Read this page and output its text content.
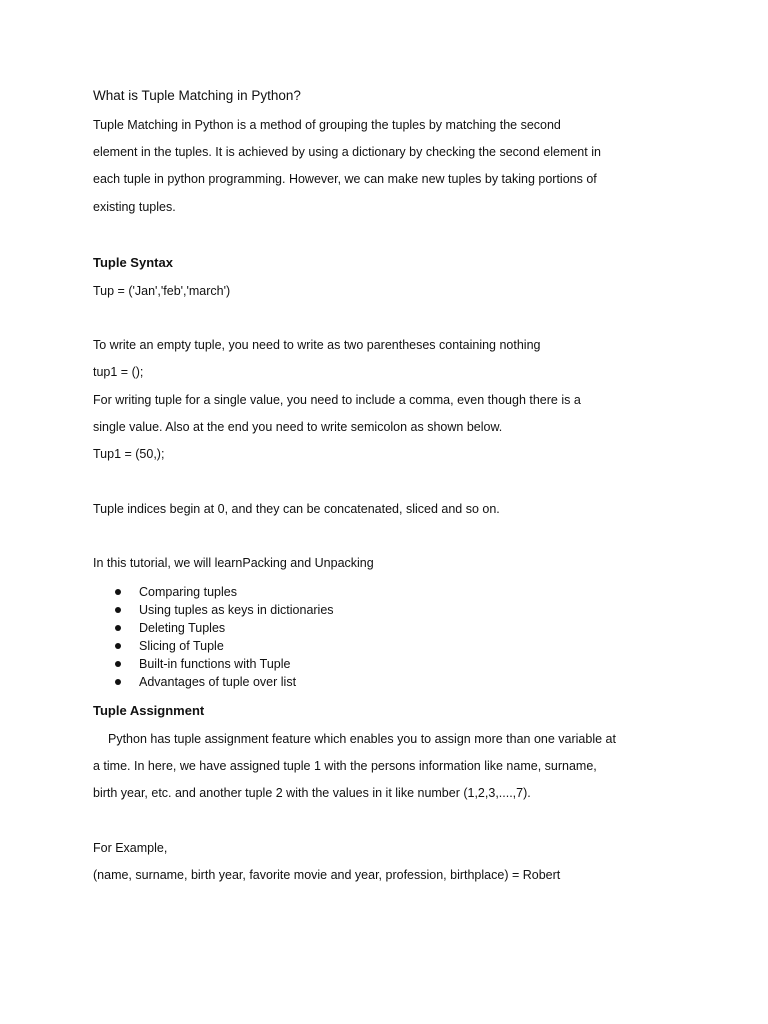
What is Tuple Matching in Python?

Tuple Matching in Python is a method of grouping the tuples by matching the second

element in the tuples. It is achieved by using a dictionary by checking the second element in

each tuple in python programming. However, we can make new tuples by taking portions of

existing tuples.

Tuple Syntax

Tup = ('Jan','feb','march')

To write an empty tuple, you need to write as two parentheses containing nothing

tup1 = ();

For writing tuple for a single value, you need to include a comma, even though there is a

single value. Also at the end you need to write semicolon as shown below.

Tup1 = (50,);

Tuple indices begin at 0, and they can be concatenated, sliced and so on.

In this tutorial, we will learnPacking and Unpacking

Comparing tuples
Using tuples as keys in dictionaries
Deleting Tuples
Slicing of Tuple
Built-in functions with Tuple
Advantages of tuple over list

Tuple Assignment

Python has tuple assignment feature which enables you to assign more than one variable at

a time. In here, we have assigned tuple 1 with the persons information like name, surname,

birth year, etc. and another tuple 2 with the values in it like number (1,2,3,....,7).

For Example,

(name, surname, birth year, favorite movie and year, profession, birthplace) = Robert
